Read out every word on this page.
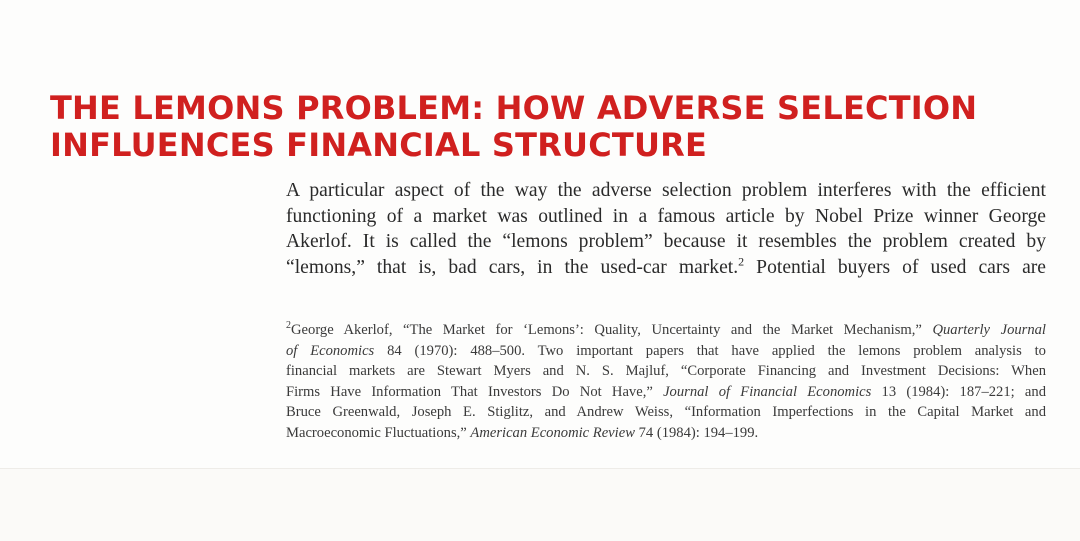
THE LEMONS PROBLEM: HOW ADVERSE SELECTION
INFLUENCES FINANCIAL STRUCTURE
A particular aspect of the way the adverse selection problem interferes with the efficient
functioning of a market was outlined in a famous article by Nobel Prize winner George
Akerlof. It is called the “lemons problem” because it resembles the problem created by
“lemons,” that is, bad cars, in the used-car market.$^2$ Potential buyers of used cars are
$^2$George Akerlof, “The Market for ‘Lemons’: Quality, Uncertainty and the Market Mechanism,” Quarterly Journal
of Economics 84 (1970): 488–500. Two important papers that have applied the lemons problem analysis to
financial markets are Stewart Myers and N. S. Majluf, “Corporate Financing and Investment Decisions: When
Firms Have Information That Investors Do Not Have,” Journal of Financial Economics 13 (1984): 187–221; and
Bruce Greenwald, Joseph E. Stiglitz, and Andrew Weiss, “Information Imperfections in the Capital Market and
Macroeconomic Fluctuations,” American Economic Review 74 (1984): 194–199.
